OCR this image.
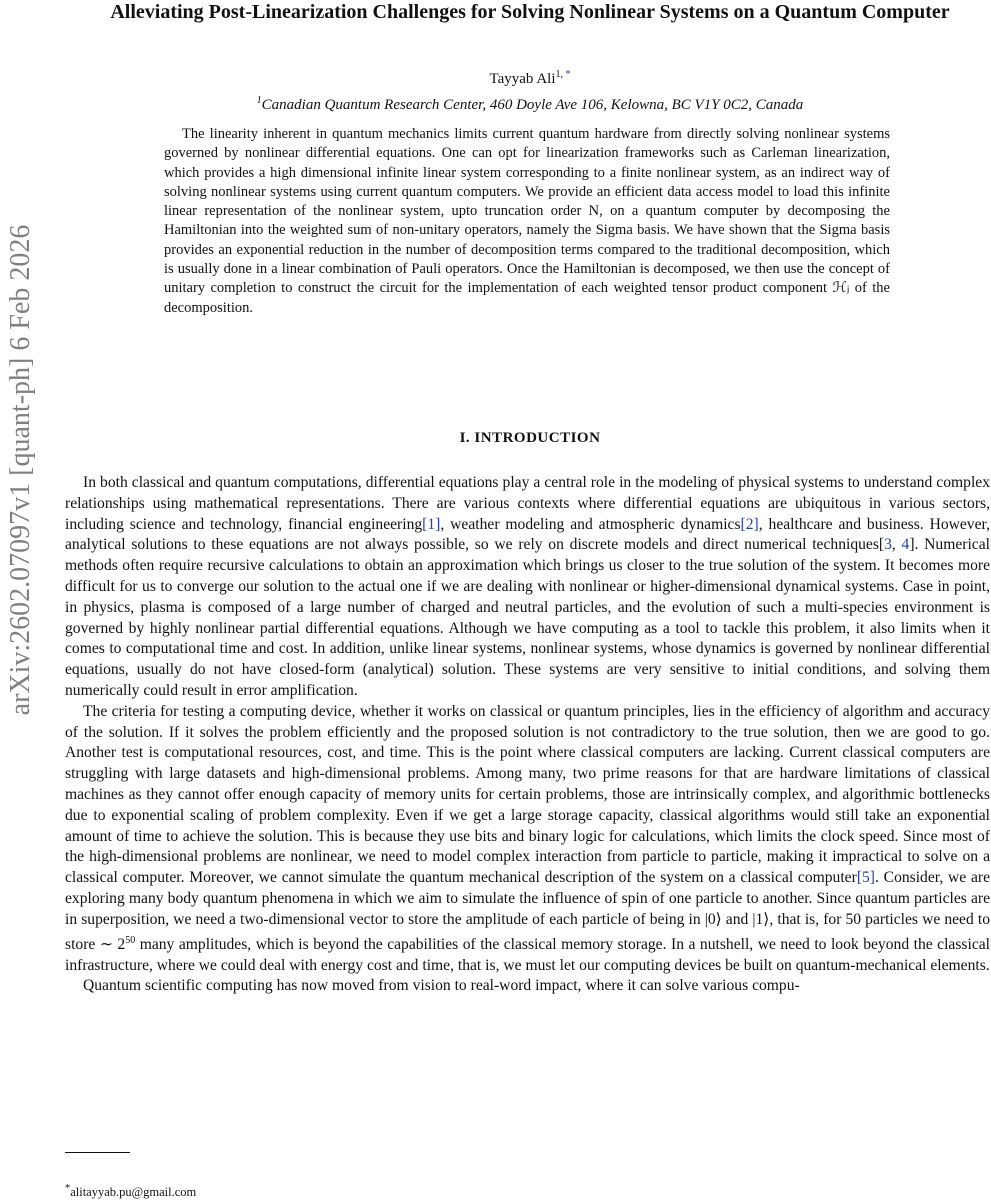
arXiv:2602.07097v1 [quant-ph] 6 Feb 2026
Alleviating Post-Linearization Challenges for Solving Nonlinear Systems on a Quantum Computer
Tayyab Ali$^{1,}$ *
$^1$Canadian Quantum Research Center, 460 Doyle Ave 106, Kelowna, BC V1Y 0C2, Canada
The linearity inherent in quantum mechanics limits current quantum hardware from directly solving nonlinear systems governed by nonlinear differential equations. One can opt for linearization frameworks such as Carleman linearization, which provides a high dimensional infinite linear system corresponding to a finite nonlinear system, as an indirect way of solving nonlinear systems using current quantum computers. We provide an efficient data access model to load this infinite linear representation of the nonlinear system, upto truncation order N, on a quantum computer by decomposing the Hamiltonian into the weighted sum of non-unitary operators, namely the Sigma basis. We have shown that the Sigma basis provides an exponential reduction in the number of decomposition terms compared to the traditional decomposition, which is usually done in a linear combination of Pauli operators. Once the Hamiltonian is decomposed, we then use the concept of unitary completion to construct the circuit for the implementation of each weighted tensor product component ℋⱼ of the decomposition.
I. INTRODUCTION

In both classical and quantum computations, differential equations play a central role in the modeling of physical systems to understand complex relationships using mathematical representations. There are various contexts where differential equations are ubiquitous in various sectors, including science and technology, financial engineering[1], weather modeling and atmospheric dynamics[2], healthcare and business. However, analytical solutions to these equations are not always possible, so we rely on discrete models and direct numerical techniques[3, 4]. Numerical methods often require recursive calculations to obtain an approximation which brings us closer to the true solution of the system. It becomes more difficult for us to converge our solution to the actual one if we are dealing with nonlinear or higher-dimensional dynamical systems. Case in point, in physics, plasma is composed of a large number of charged and neutral particles, and the evolution of such a multi-species environment is governed by highly nonlinear partial differential equations. Although we have computing as a tool to tackle this problem, it also limits when it comes to computational time and cost. In addition, unlike linear systems, nonlinear systems, whose dynamics is governed by nonlinear differential equations, usually do not have closed-form (analytical) solution. These systems are very sensitive to initial conditions, and solving them numerically could result in error amplification.

The criteria for testing a computing device, whether it works on classical or quantum principles, lies in the efficiency of algorithm and accuracy of the solution. If it solves the problem efficiently and the proposed solution is not contradictory to the true solution, then we are good to go. Another test is computational resources, cost, and time. This is the point where classical computers are lacking. Current classical computers are struggling with large datasets and high-dimensional problems. Among many, two prime reasons for that are hardware limitations of classical machines as they cannot offer enough capacity of memory units for certain problems, those are intrinsically complex, and algorithmic bottlenecks due to exponential scaling of problem complexity. Even if we get a large storage capacity, classical algorithms would still take an exponential amount of time to achieve the solution. This is because they use bits and binary logic for calculations, which limits the clock speed. Since most of the high-dimensional problems are nonlinear, we need to model complex interaction from particle to particle, making it impractical to solve on a classical computer. Moreover, we cannot simulate the quantum mechanical description of the system on a classical computer[5]. Consider, we are exploring many body quantum phenomena in which we aim to simulate the influence of spin of one particle to another. Since quantum particles are in superposition, we need a two-dimensional vector to store the amplitude of each particle of being in |0⟩ and |1⟩, that is, for 50 particles we need to store ∼ $2^{50}$ many amplitudes, which is beyond the capabilities of the classical memory storage. In a nutshell, we need to look beyond the classical infrastructure, where we could deal with energy cost and time, that is, we must let our computing devices be built on quantum-mechanical elements.

Quantum scientific computing has now moved from vision to real-word impact, where it can solve various compu-

*alitayyab.pu@gmail.com
